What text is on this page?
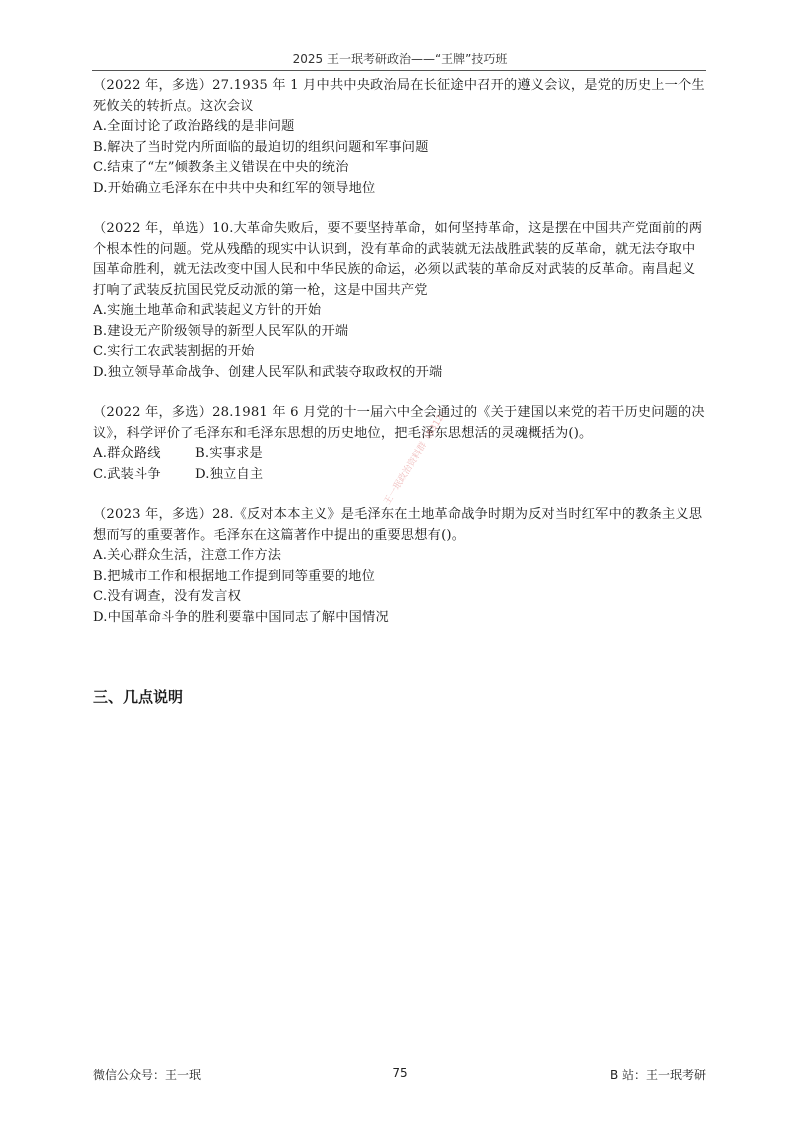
2025 王一珉考研政治——“王牌”技巧班

（2022 年，多选）27.1935 年 1 月中共中央政治局在长征途中召开的遵义会议，是党的历史上一个生死攸关的转折点。这次会议

A.全面讨论了政治路线的是非问题

B.解决了当时党内所面临的最迫切的组织问题和军事问题

C.结束了“左”倾教条主义错误在中央的统治

D.开始确立毛泽东在中共中央和红军的领导地位

（2022 年，单选）10.大革命失败后，要不要坚持革命，如何坚持革命，这是摆在中国共产党面前的两个根本性的问题。党从残酷的现实中认识到，没有革命的武装就无法战胜武装的反革命，就无法夺取中国革命胜利，就无法改变中国人民和中华民族的命运，必须以武装的革命反对武装的反革命。南昌起义打响了武装反抗国民党反动派的第一枪，这是中国共产党

A.实施土地革命和武装起义方针的开始

B.建设无产阶级领导的新型人民军队的开端

C.实行工农武装割据的开始

D.独立领导革命战争、创建人民军队和武装夺取政权的开端

（2022 年，多选）28.1981 年 6 月党的十一届六中全会通过的《关于建国以来党的若干历史问题的决议》，科学评价了毛泽东和毛泽东思想的历史地位，把毛泽东思想活的灵魂概括为()。

A.群众路线	B.实事求是

C.武装斗争	D.独立自主

（2023 年，多选）28.《反对本本主义》是毛泽东在土地革命战争时期为反对当时红军中的教条主义思想而写的重要著作。毛泽东在这篇著作中提出的重要思想有()。

A.关心群众生活，注意工作方法

B.把城市工作和根据地工作提到同等重要的地位

C.没有调查，没有发言权

D.中国革命斗争的胜利要靠中国同志了解中国情况

三、几点说明
王一珉政治资料群（8312）
微信公众号：王一珉	75	B 站：王一珉考研
